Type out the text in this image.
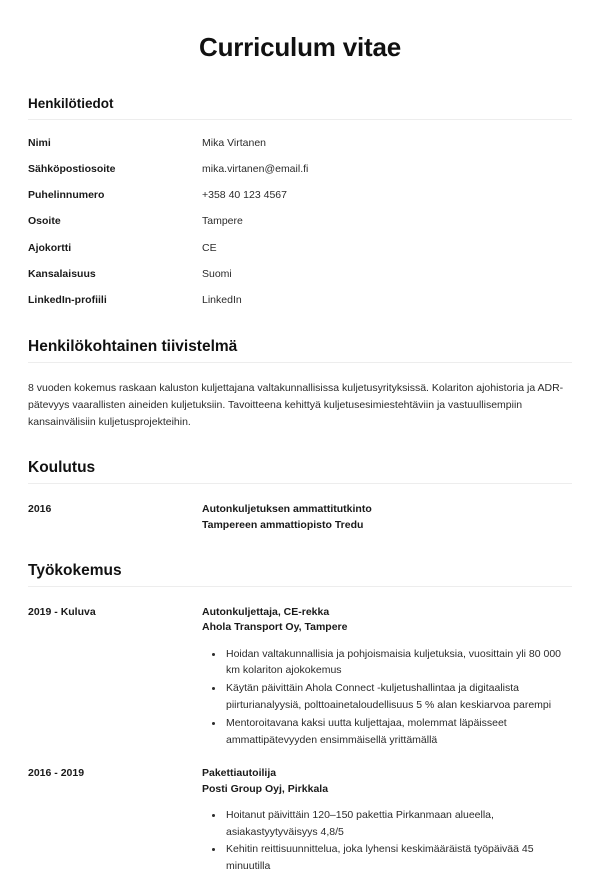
Curriculum vitae
Henkilötiedot
Nimi	Mika Virtanen
Sähköpostiosoite	mika.virtanen@email.fi
Puhelinnumero	+358 40 123 4567
Osoite	Tampere
Ajokortti	CE
Kansalaisuus	Suomi
LinkedIn-profiili	LinkedIn
Henkilökohtainen tiivistelmä

8 vuoden kokemus raskaan kaluston kuljettajana valtakunnallisissa kuljetusyrityksissä. Kolariton ajohistoria ja ADR-pätevyys vaarallisten aineiden kuljetuksiin. Tavoitteena kehittyä kuljetusesimiestehtäviin ja vastuullisempiin kansainvälisiin kuljetusprojekteihin.

Koulutus
2016	Autonkuljetuksen ammattitutkinto
Tampereen ammattiopisto Tredu
Työkokemus
2019 - Kuluva	Autonkuljettaja, CE-rekka
Ahola Transport Oy, Tampere
• Hoidan valtakunnallisia ja pohjoismaisia kuljetuksia, vuosittain yli 80 000 km kolariton ajokokemus
• Käytän päivittäin Ahola Connect -kuljetushallintaa ja digitaalista piirturianalyysiä, polttoainetaloudellisuus 5 % alan keskiarvoa parempi
• Mentoroitavana kaksi uutta kuljettajaa, molemmat läpäisseet ammattipätevyyden ensimmäisellä yrittämällä
2016 - 2019	Pakettiautoilija
Posti Group Oyj, Pirkkala
• Hoitanut päivittäin 120–150 pakettia Pirkanmaan alueella, asiakastyytyväisyys 4,8/5
• Kehitin reittisuunnittelua, joka lyhensi keskimääräistä työpäivää 45 minuutilla
